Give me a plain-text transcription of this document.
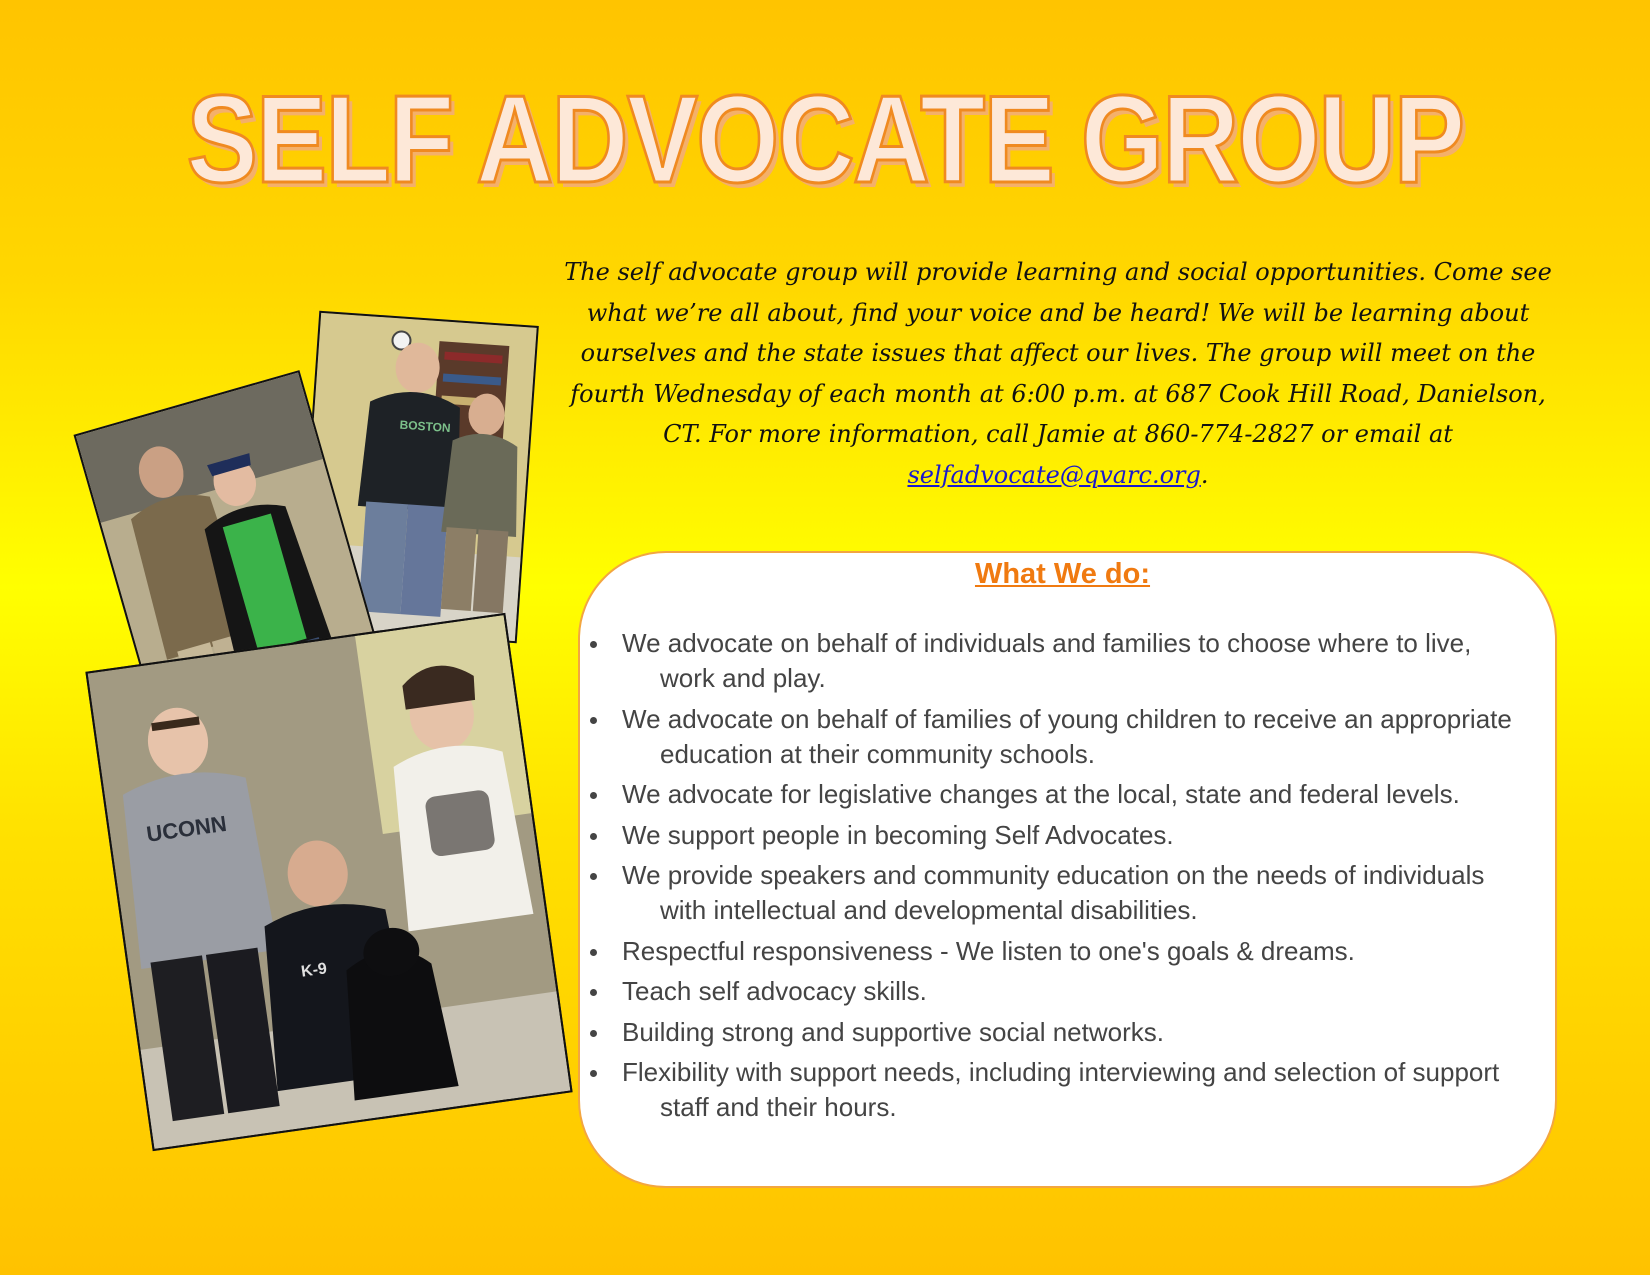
SELF ADVOCATE GROUP

The self advocate group will provide learning and social opportunities. Come see what we’re all about, find your voice and be heard! We will be learning about ourselves and the state issues that affect our lives. The group will meet on the fourth Wednesday of each month at 6:00 p.m. at 687 Cook Hill Road, Danielson, CT. For more information, call Jamie at 860-774-2827 or email at selfadvocate@qvarc.org.

BOSTON
UCONN
K-9
What We do:
We advocate on behalf of individuals and families to choose where to live, work and play.
We advocate on behalf of families of young children to receive an appropriate education at their community schools.
We advocate for legislative changes at the local, state and federal levels.
We support people in becoming Self Advocates.
We provide speakers and community education on the needs of individuals with intellectual and developmental disabilities.
Respectful responsiveness - We listen to one's goals & dreams.
Teach self advocacy skills.
Building strong and supportive social networks.
Flexibility with support needs, including interviewing and selection of support staff and their hours.
